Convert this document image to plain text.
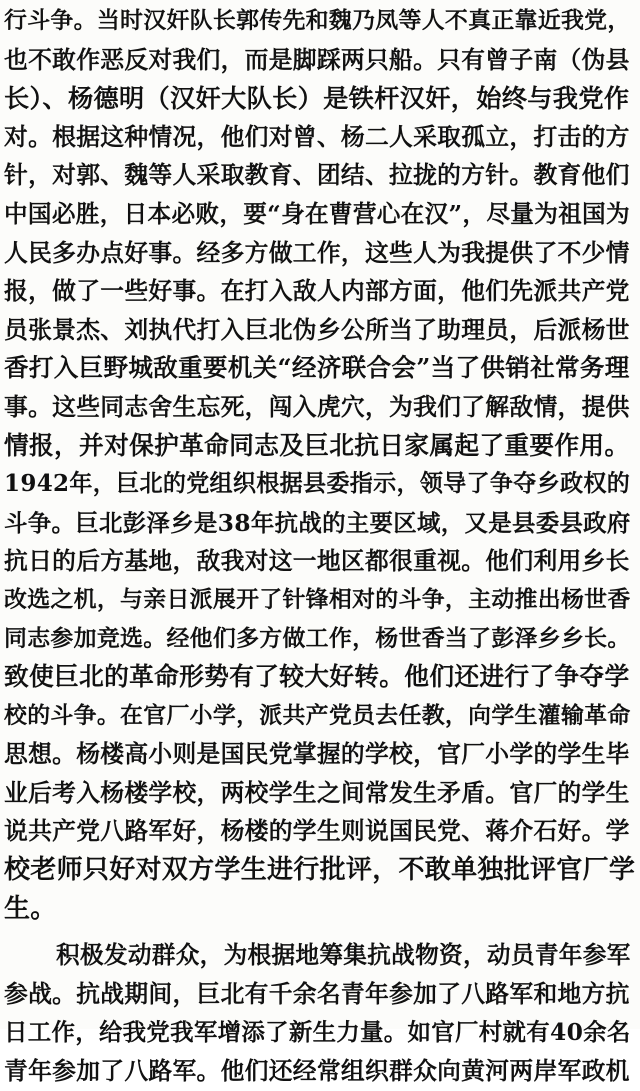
行斗争。当时汉奸队长郭传先和魏乃凤等人不真正靠近我党，
也不敢作恶反对我们，而是脚踩两只船。只有曾子南（伪县
长）、杨德明（汉奸大队长）是铁杆汉奸，始终与我党作
对。根据这种情况，他们对曾、杨二人采取孤立，打击的方
针，对郭、魏等人采取教育、团结、拉拢的方针。教育他们
中国必胜，日本必败，要“身在曹营心在汉”，尽量为祖国为
人民多办点好事。经多方做工作，这些人为我提供了不少情
报，做了一些好事。在打入敌人内部方面，他们先派共产党
员张景杰、刘执代打入巨北伪乡公所当了助理员，后派杨世
香打入巨野城敌重要机关“经济联合会”当了供销社常务理
事。这些同志舍生忘死，闯入虎穴，为我们了解敌情，提供
情报，并对保护革命同志及巨北抗日家属起了重要作用。
1942年，巨北的党组织根据县委指示，领导了争夺乡政权的
斗争。巨北彭泽乡是38年抗战的主要区域，又是县委县政府
抗日的后方基地，敌我对这一地区都很重视。他们利用乡长
改选之机，与亲日派展开了针锋相对的斗争，主动推出杨世香
同志参加竞选。经他们多方做工作，杨世香当了彭泽乡乡长。
致使巨北的革命形势有了较大好转。他们还进行了争夺学
校的斗争。在官厂小学，派共产党员去任教，向学生灌输革命
思想。杨楼高小则是国民党掌握的学校，官厂小学的学生毕
业后考入杨楼学校，两校学生之间常发生矛盾。官厂的学生
说共产党八路军好，杨楼的学生则说国民党、蒋介石好。学
校老师只好对双方学生进行批评，不敢单独批评官厂学
生。
积极发动群众，为根据地筹集抗战物资，动员青年参军
参战。抗战期间，巨北有千余名青年参加了八路军和地方抗
日工作，给我党我军增添了新生力量。如官厂村就有40余名
青年参加了八路军。他们还经常组织群众向黄河两岸军政机
